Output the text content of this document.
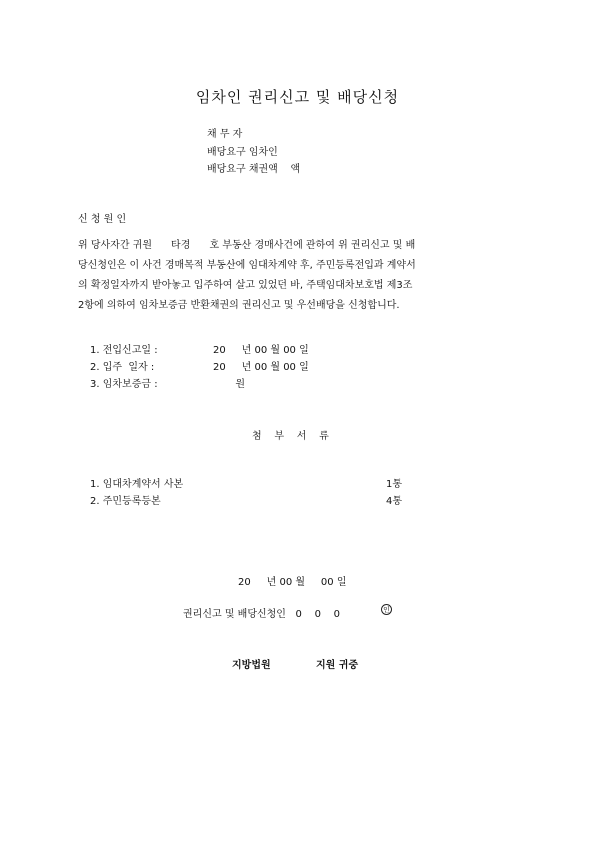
임차인 권리신고 및 배당신청
채 무 자
배당요구 임차인
배당요구 채권액    액
신 청 원 인
위 당사자간 귀원      타경      호 부동산 경매사건에 관하여 위 권리신고 및 배
당신청인은 이 사건 경매목적 부동산에 임대차계약 후, 주민등록전입과 계약서
의 확정일자까지 받아놓고 입주하여 살고 있었던 바, 주택임대차보호법 제3조
2항에 의하여 임차보증금 반환채권의 권리신고 및 우선배당을 신청합니다.
1. 전입신고일 :	20     년 00 월 00 일
2. 입주  일자 :	20     년 00 월 00 일
3. 임차보증금 :	원
첨    부    서    류
1. 임대차계약서 사본	1통
2. 주민등록등본	4통
20     년 00 월     00 일
권리신고 및 배당신청인   0    0    0	인
지방법원	지원 귀중
